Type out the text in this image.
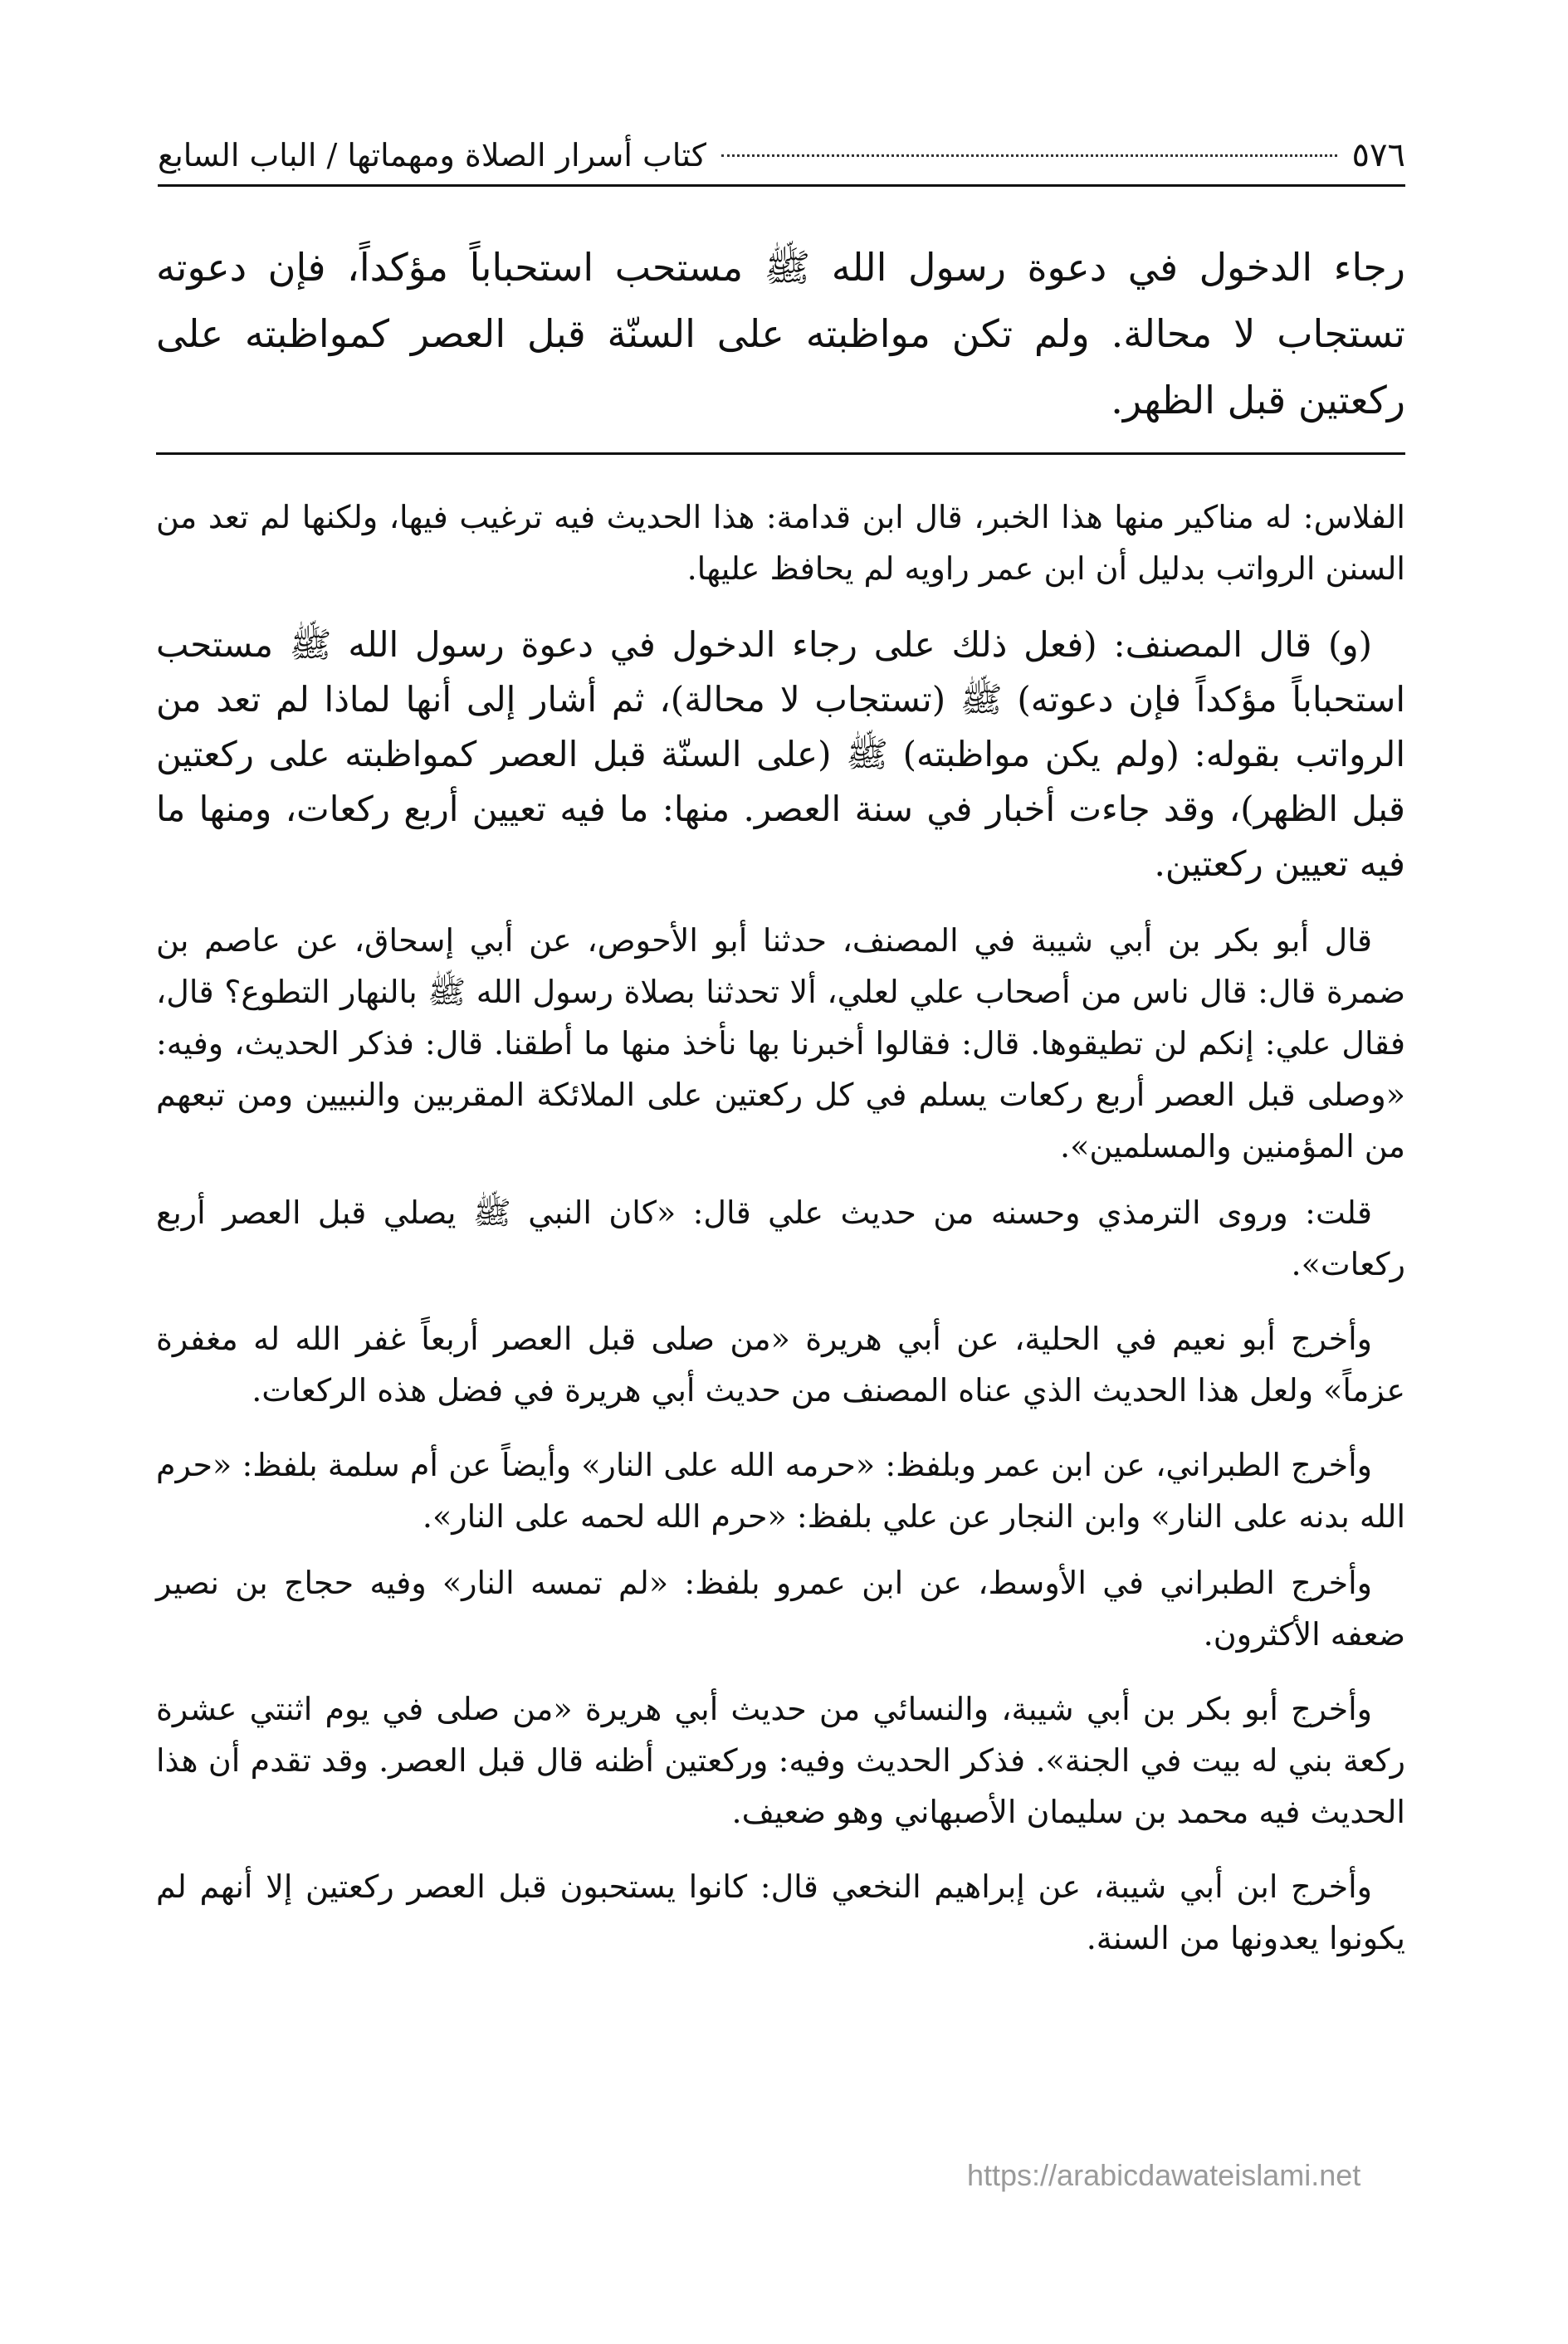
٥٧٦
كتاب أسرار الصلاة ومهماتها / الباب السابع

رجاء الدخول في دعوة رسول الله ﷺ مستحب استحباباً مؤكداً، فإن دعوته تستجاب لا محالة. ولم تكن مواظبته على السنّة قبل العصر كمواظبته على ركعتين قبل الظهر.

الفلاس: له مناكير منها هذا الخبر، قال ابن قدامة: هذا الحديث فيه ترغيب فيها، ولكنها لم تعد من السنن الرواتب بدليل أن ابن عمر راويه لم يحافظ عليها.

(و) قال المصنف: (فعل ذلك على رجاء الدخول في دعوة رسول الله ﷺ مستحب استحباباً مؤكداً فإن دعوته) ﷺ (تستجاب لا محالة)، ثم أشار إلى أنها لماذا لم تعد من الرواتب بقوله: (ولم يكن مواظبته) ﷺ (على السنّة قبل العصر كمواظبته على ركعتين قبل الظهر)، وقد جاءت أخبار في سنة العصر. منها: ما فيه تعيين أربع ركعات، ومنها ما فيه تعيين ركعتين.

قال أبو بكر بن أبي شيبة في المصنف، حدثنا أبو الأحوص، عن أبي إسحاق، عن عاصم بن ضمرة قال: قال ناس من أصحاب علي لعلي، ألا تحدثنا بصلاة رسول الله ﷺ بالنهار التطوع؟ قال، فقال علي: إنكم لن تطيقوها. قال: فقالوا أخبرنا بها نأخذ منها ما أطقنا. قال: فذكر الحديث، وفيه: «وصلى قبل العصر أربع ركعات يسلم في كل ركعتين على الملائكة المقربين والنبيين ومن تبعهم من المؤمنين والمسلمين».

قلت: وروى الترمذي وحسنه من حديث علي قال: «كان النبي ﷺ يصلي قبل العصر أربع ركعات».

وأخرج أبو نعيم في الحلية، عن أبي هريرة «من صلى قبل العصر أربعاً غفر الله له مغفرة عزماً» ولعل هذا الحديث الذي عناه المصنف من حديث أبي هريرة في فضل هذه الركعات.

وأخرج الطبراني، عن ابن عمر وبلفظ: «حرمه الله على النار» وأيضاً عن أم سلمة بلفظ: «حرم الله بدنه على النار» وابن النجار عن علي بلفظ: «حرم الله لحمه على النار».

وأخرج الطبراني في الأوسط، عن ابن عمرو بلفظ: «لم تمسه النار» وفيه حجاج بن نصير ضعفه الأكثرون.

وأخرج أبو بكر بن أبي شيبة، والنسائي من حديث أبي هريرة «من صلى في يوم اثنتي عشرة ركعة بني له بيت في الجنة». فذكر الحديث وفيه: وركعتين أظنه قال قبل العصر. وقد تقدم أن هذا الحديث فيه محمد بن سليمان الأصبهاني وهو ضعيف.

وأخرج ابن أبي شيبة، عن إبراهيم النخعي قال: كانوا يستحبون قبل العصر ركعتين إلا أنهم لم يكونوا يعدونها من السنة.

https://arabicdawateislami.net
